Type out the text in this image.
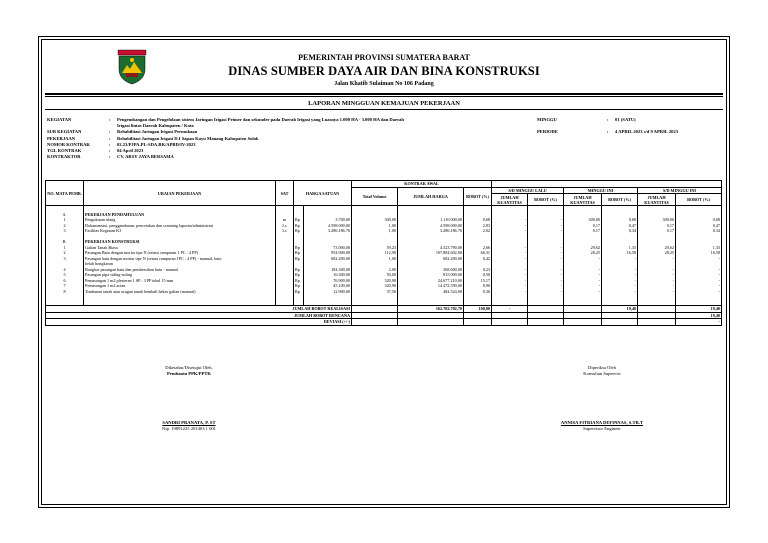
PEMERINTAH PROVINSI SUMATERA BARAT
DINAS SUMBER DAYA AIR DAN BINA KONSTRUKSI
Jalan Khatib Sulaiman No 106 Padang
LAPORAN MINGGUAN KEMAJUAN PEKERJAAN
KEGIATAN	: Pengembangan dan Pengelolaan sistem Jaringan Irigasi Primer dan sekunder pada Daerah Irigasi yang Luasnya 1.000 HA - 3.000 HA dan Daerah Irigasi lintas Daerah Kabupaten / Kota
SUB KEGIATAN	: Rehabilitasi Jaringan Irigasi Permukaan
PEKERJAAN	: Rehabilitasi Jaringan Irigasi D.I Sapan Kayu Manang Kabupaten Solok
NOMOR KONTRAK	: 02.23/PJPA.PL-SDA.BK/APBD/IV-2023
TGL KONTRAK	: 04 April 2023
KONTRAKTOR	: CV. ARSY JAYA BERSAMA
MINGGU	: 01 (SATU)
PERIODE	: 4 APRIL 2023 s/d 9 APRIL 2023
NO. MATA PEMB.	URAIAN PEKERJAAN	SAT	HARGA SATUAN		KONTRAK AWAL								
					Total Volume	JUMLAH HARGA	BOBOT (%)	S/D MINGGU LALU		MINGGU INI		S/D MINGGU INI	
								JUMLAH KUANTITAS	BOBOT (%)	JUMLAH KUANTITAS	BOBOT (%)	JUMLAH KUANTITAS	BOBOT (%)

A.	PEKERJAAN PENDAHULUAN												
1	Pengukuran ulang	m	Rp	3.700,00	300,00	1.110.000,00	0,68	-	-	300,00	0,68	300,00	0,68
2	Dokumentasi, penggambaran, pencetakan dan scanning laporan/administrasi	Ls	Rp	4.598.000,00	1,00	4.598.000,00	2,83	-	-	0,17	0,47	0,17	0,47
3	Fasilitas Kegiatan K3	Ls	Rp	3.286.186,70	1,00	3.286.186,70	2,02	-	-	0,17	0,34	0,17	0,34

B.	PEKERJAAN KONSTRUKSI												
1	Galian Tanah Biasa		Rp	73.000,00	59,23	4.323.790,00	2,66	-	-	29,62	1,33	29,62	1,33
2	Pasangan Batu dengan mortar tipe N (setara campuran 1 PC : 4 PP)		Rp	954.900,00	112,98	107.884.602,00	66,31	-	-	28,25	16,58	28,25	16,58
3	Pasangan batu dengan mortar tipe N (setara campuran 1PC : 4 PP) - manual, batu		Rp	682.200,00	1,00	682.200,00	0,42	-	-	-	-	-	-
	belah bongkaran												
4	Bongkar pasangan batu dan pembersihan batu - manual		Rp	184.300,00	2,00	368.600,00	0,23	-	-	-	-	-	-
5	Pasangan pipa suling-suling		Rp	16.300,00	50,00	815.000,00	0,50	-	-	-	-	-	-
6	Pemasangan 1 m2 plesteran 1 SP : 3 PP tebal 15 mm		Rp	76.900,00	320,90	24.677.210,00	15,17	-	-	-	-	-	-
7	Pemasangan 1 m2 acian		Rp	45.100,00	320,90	14.472.590,00	8,90	-	-	-	-	-	-
8	Timbunan tanah atau urugan tanah kembali bekas galian (manual)		Rp	12.900,00	37,56	484.524,00	0,30	-	-	-	-	-	-

JUMLAH BOBOT REALISASI						162.702.702,70	100,00	-			19,40		19,40
JUMLAH BOBOT RENCANA													19,40
DEVIASI (+/-)													-
Diketahui/Disetujui Oleh,
Pembantu PPK/PPTK
SANDRI PRANATA, P. ST
Nip. 19891225 201403 1 001
Diperiksa Oleh
Konsultan Supervisi
ANNISA FITRIANA DEFINNAS, S.TR.T
Supervisor Engineer
